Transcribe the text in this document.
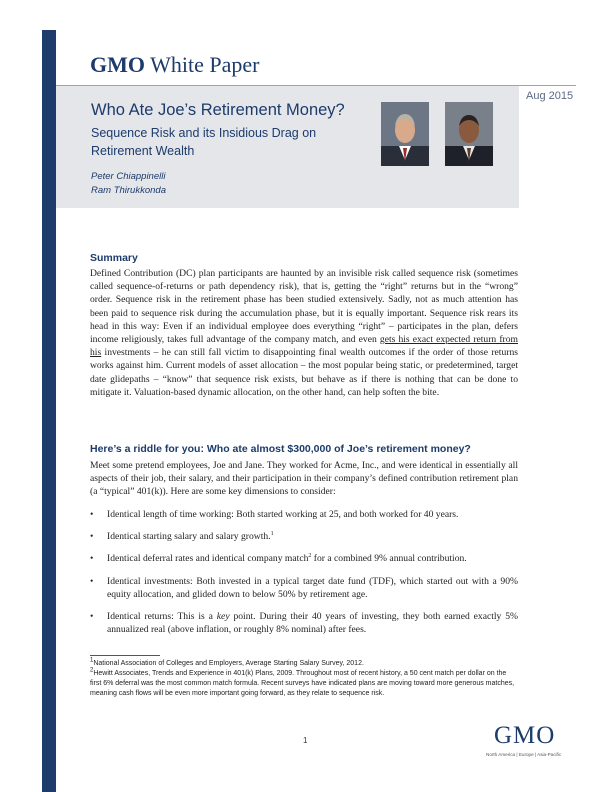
GMO White Paper
Aug 2015
Who Ate Joe’s Retirement Money?
Sequence Risk and its Insidious Drag on Retirement Wealth
Peter Chiappinelli
Ram Thirukkonda
Summary
Defined Contribution (DC) plan participants are haunted by an invisible risk called sequence risk (sometimes called sequence-of-returns or path dependency risk), that is, getting the “right” returns but in the “wrong” order. Sequence risk in the retirement phase has been studied extensively. Sadly, not as much attention has been paid to sequence risk during the accumulation phase, but it is equally important. Sequence risk rears its head in this way: Even if an individual employee does everything “right” – participates in the plan, defers income religiously, takes full advantage of the company match, and even gets his exact expected return from his investments – he can still fall victim to disappointing final wealth outcomes if the order of those returns works against him. Current models of asset allocation – the most popular being static, or predetermined, target date glidepaths – “know” that sequence risk exists, but behave as if there is nothing that can be done to mitigate it. Valuation-based dynamic allocation, on the other hand, can help soften the bite.
Here’s a riddle for you: Who ate almost $300,000 of Joe’s retirement money?
Meet some pretend employees, Joe and Jane. They worked for Acme, Inc., and were identical in essentially all aspects of their job, their salary, and their participation in their company’s defined contribution retirement plan (a “typical” 401(k)). Here are some key dimensions to consider:
• Identical length of time working: Both started working at 25, and both worked for 40 years.
• Identical starting salary and salary growth.$^1$
• Identical deferral rates and identical company match$^2$ for a combined 9% annual contribution.
• Identical investments: Both invested in a typical target date fund (TDF), which started out with a 90% equity allocation, and glided down to below 50% by retirement age.
• Identical returns: This is a key point. During their 40 years of investing, they both earned exactly 5% annualized real (above inflation, or roughly 8% nominal) after fees.

$^1$National Association of Colleges and Employers, Average Starting Salary Survey, 2012.

$^2$Hewitt Associates, Trends and Experience in 401(k) Plans, 2009. Throughout most of recent history, a 50 cent match per dollar on the first 6% deferral was the most common match formula. Recent surveys have indicated plans are moving toward more generous matches, meaning cash flows will be even more important going forward, as they relate to sequence risk.

1	GMO
North America | Europe | Asia-Pacific
